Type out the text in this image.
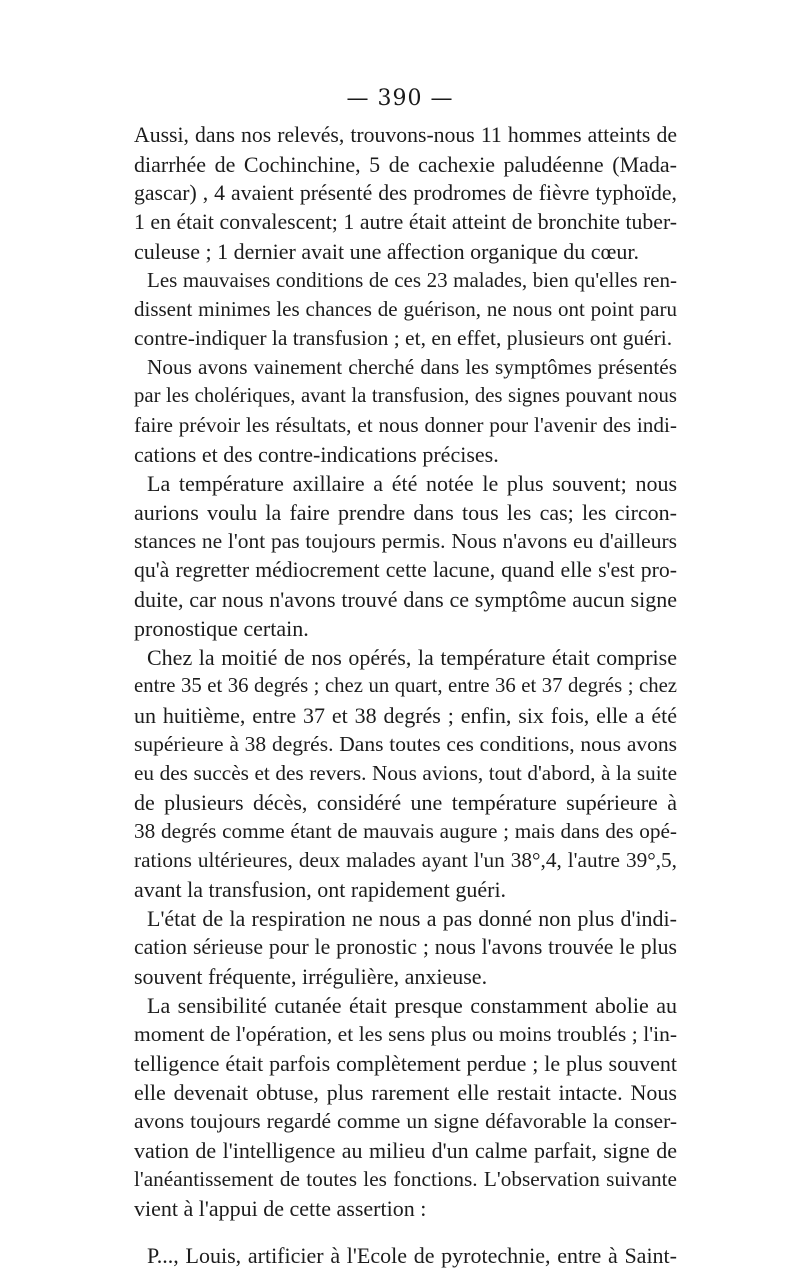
— 390 —
Aussi, dans nos relevés, trouvons-nous 11 hommes atteints de
diarrhée de Cochinchine, 5 de cachexie paludéenne (Mada-
gascar) , 4 avaient présenté des prodromes de fièvre typhoïde,
1 en était convalescent; 1 autre était atteint de bronchite tuber-
culeuse ; 1 dernier avait une affection organique du cœur.
Les mauvaises conditions de ces 23 malades, bien qu'elles ren-
dissent minimes les chances de guérison, ne nous ont point paru
contre-indiquer la transfusion ; et, en effet, plusieurs ont guéri.
Nous avons vainement cherché dans les symptômes présentés
par les cholériques, avant la transfusion, des signes pouvant nous
faire prévoir les résultats, et nous donner pour l'avenir des indi-
cations et des contre-indications précises.
La température axillaire a été notée le plus souvent; nous
aurions voulu la faire prendre dans tous les cas; les circon-
stances ne l'ont pas toujours permis. Nous n'avons eu d'ailleurs
qu'à regretter médiocrement cette lacune, quand elle s'est pro-
duite, car nous n'avons trouvé dans ce symptôme aucun signe
pronostique certain.
Chez la moitié de nos opérés, la température était comprise
entre 35 et 36 degrés ; chez un quart, entre 36 et 37 degrés ; chez
un huitième, entre 37 et 38 degrés ; enfin, six fois, elle a été
supérieure à 38 degrés. Dans toutes ces conditions, nous avons
eu des succès et des revers. Nous avions, tout d'abord, à la suite
de plusieurs décès, considéré une température supérieure à
38 degrés comme étant de mauvais augure ; mais dans des opé-
rations ultérieures, deux malades ayant l'un 38°,4, l'autre 39°,5,
avant la transfusion, ont rapidement guéri.
L'état de la respiration ne nous a pas donné non plus d'indi-
cation sérieuse pour le pronostic ; nous l'avons trouvée le plus
souvent fréquente, irrégulière, anxieuse.
La sensibilité cutanée était presque constamment abolie au
moment de l'opération, et les sens plus ou moins troublés ; l'in-
telligence était parfois complètement perdue ; le plus souvent
elle devenait obtuse, plus rarement elle restait intacte. Nous
avons toujours regardé comme un signe défavorable la conser-
vation de l'intelligence au milieu d'un calme parfait, signe de
l'anéantissement de toutes les fonctions. L'observation suivante
vient à l'appui de cette assertion :
P..., Louis, artificier à l'Ecole de pyrotechnie, entre à Saint-
